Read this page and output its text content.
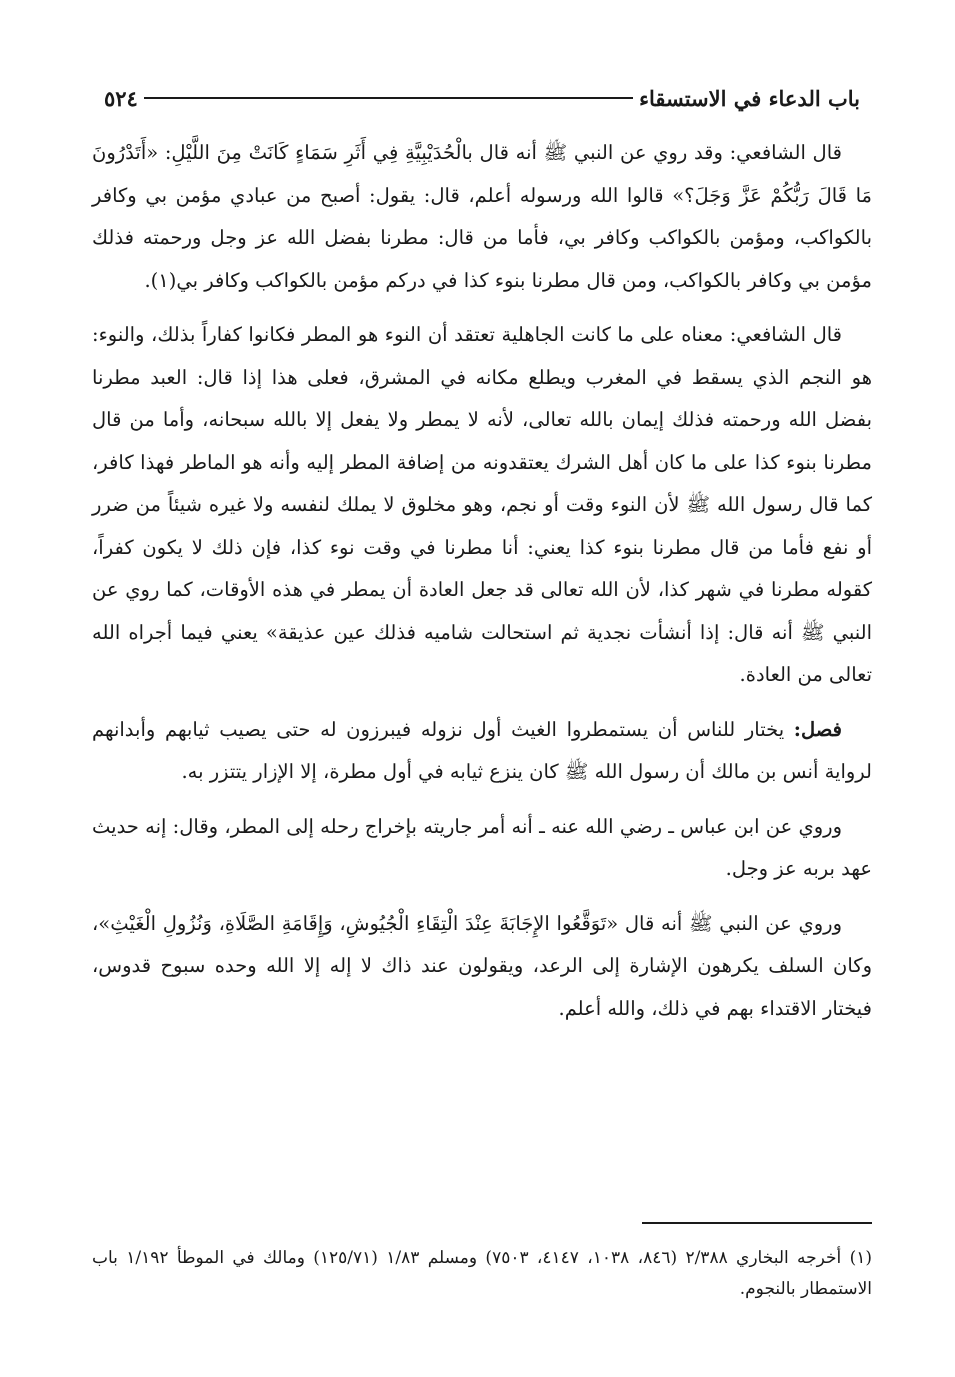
باب الدعاء في الاستسقاء
٥٢٤

قال الشافعي: وقد روي عن النبي ﷺ أنه قال بالْحُدَيْبِيَّةِ فِي أَثَرِ سَمَاءٍ كَانَتْ مِنَ اللَّيْلِ: «أَتَدْرُونَ مَا قَالَ رَبُّكُمْ عَزَّ وَجَلَ؟» قالوا الله ورسوله أعلم، قال: يقول: أصبح من عبادي مؤمن بي وكافر بالكواكب، ومؤمن بالكواكب وكافر بي، فأما من قال: مطرنا بفضل الله عز وجل ورحمته فذلك مؤمن بي وكافر بالكواكب، ومن قال مطرنا بنوء كذا في دركم مؤمن بالكواكب وكافر بي(١).

قال الشافعي: معناه على ما كانت الجاهلية تعتقد أن النوء هو المطر فكانوا كفاراً بذلك، والنوء: هو النجم الذي يسقط في المغرب ويطلع مكانه في المشرق، فعلى هذا إذا قال: العبد مطرنا بفضل الله ورحمته فذلك إيمان بالله تعالى، لأنه لا يمطر ولا يفعل إلا بالله سبحانه، وأما من قال مطرنا بنوء كذا على ما كان أهل الشرك يعتقدونه من إضافة المطر إليه وأنه هو الماطر فهذا كافر، كما قال رسول الله ﷺ لأن النوء وقت أو نجم، وهو مخلوق لا يملك لنفسه ولا غيره شيئاً من ضرر أو نفع فأما من قال مطرنا بنوء كذا يعني: أنا مطرنا في وقت نوء كذا، فإن ذلك لا يكون كفراً، كقوله مطرنا في شهر كذا، لأن الله تعالى قد جعل العادة أن يمطر في هذه الأوقات، كما روي عن النبي ﷺ أنه قال: إذا أنشأت نجدية ثم استحالت شاميه فذلك عين عذيقة» يعني فيما أجراه الله تعالى من العادة.

فصل: يختار للناس أن يستمطروا الغيث أول نزوله فيبرزون له حتى يصيب ثيابهم وأبدانهم لرواية أنس بن مالك أن رسول الله ﷺ كان ينزع ثيابه في أول مطرة، إلا الإزار يتتزر به.

وروي عن ابن عباس ـ رضي الله عنه ـ أنه أمر جاريته بإخراج رحله إلى المطر، وقال: إنه حديث عهد بربه عز وجل.

وروي عن النبي ﷺ أنه قال «تَوَقَّعُوا الإِجَابَةَ عِنْدَ الْتِقَاءِ الْجُيُوشِ، وَإِقَامَةِ الصَّلَاةِ، وَنُزُولِ الْغَيْثِ»، وكان السلف يكرهون الإشارة إلى الرعد، ويقولون عند ذاك لا إله إلا الله وحده سبوح قدوس، فيختار الاقتداء بهم في ذلك، والله أعلم.

(١) أخرجه البخاري ٢/٣٨٨ (٨٤٦، ١٠٣٨، ٤١٤٧، ٧٥٠٣) ومسلم ١/٨٣ (١٢٥/٧١) ومالك في الموطأ ١/١٩٢ باب الاستمطار بالنجوم.
